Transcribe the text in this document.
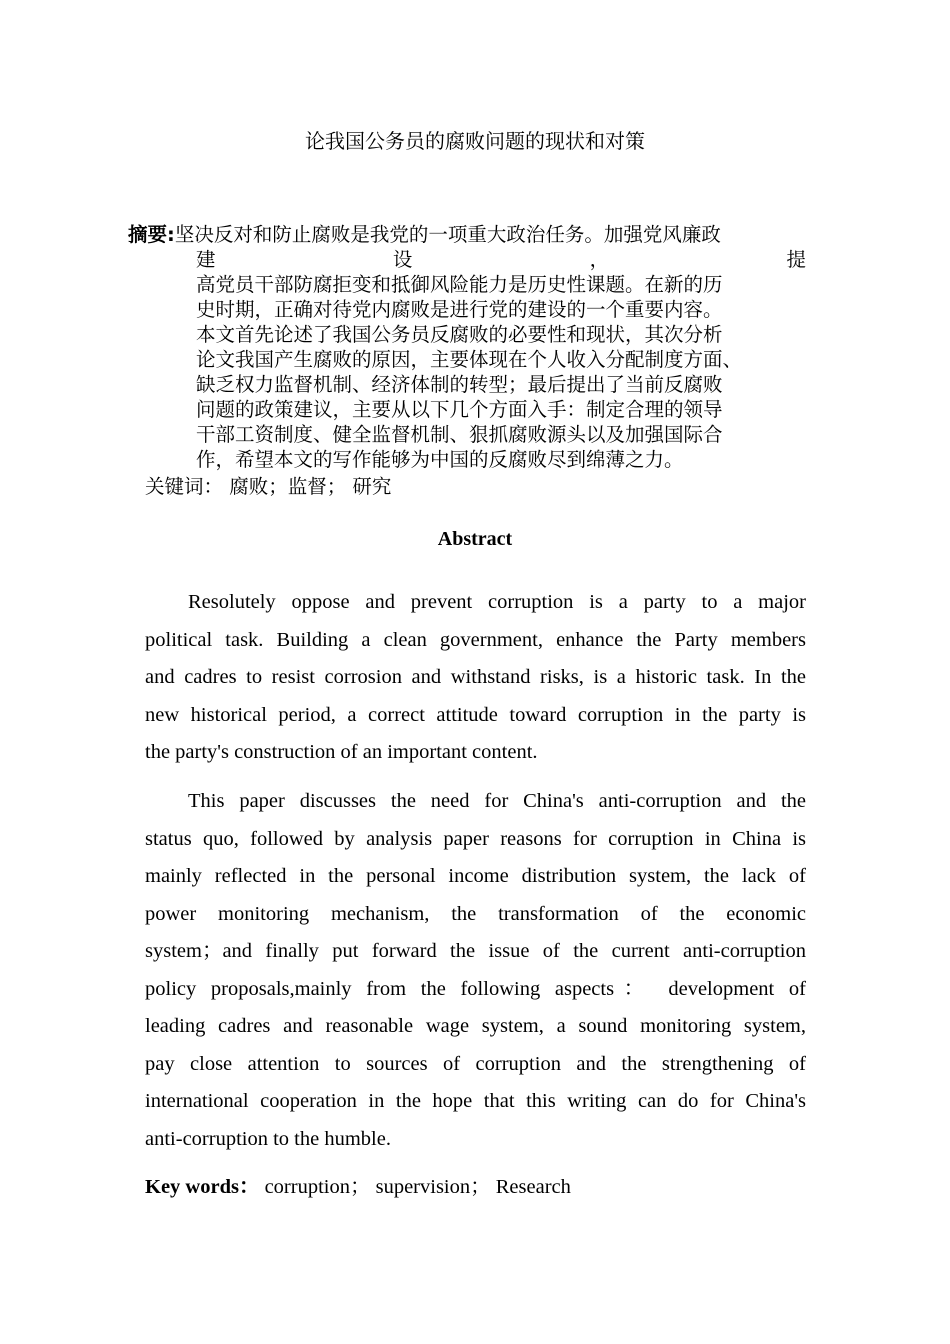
论我国公务员的腐败问题的现状和对策
摘要:坚决反对和防止腐败是我党的一项重大政治任务。加强党风廉政
建	设	，	提
高党员干部防腐拒变和抵御风险能力是历史性课题。在新的历
史时期，正确对待党内腐败是进行党的建设的一个重要内容。
本文首先论述了我国公务员反腐败的必要性和现状，其次分析
论文我国产生腐败的原因，主要体现在个人收入分配制度方面、
缺乏权力监督机制、经济体制的转型；最后提出了当前反腐败
问题的政策建议，主要从以下几个方面入手：制定合理的领导
干部工资制度、健全监督机制、狠抓腐败源头以及加强国际合
作，希望本文的写作能够为中国的反腐败尽到绵薄之力。
关键词： 腐败；监督； 研究
Abstract
Resolutely oppose and prevent corruption is a party to a major
political task. Building a clean government, enhance the Party members
and cadres to resist corrosion and withstand risks, is a historic task. In the
new historical period, a correct attitude toward corruption in the party is
the party's construction of an important content.
This paper discusses the need for China's anti-corruption and the
status quo, followed by analysis paper reasons for corruption in China is
mainly reflected in the personal income distribution system, the lack of
power monitoring mechanism, the transformation of the economic
system；and finally put forward the issue of the current anti-corruption
policy proposals,mainly from the following aspects： development of
leading cadres and reasonable wage system, a sound monitoring system,
pay close attention to sources of corruption and the strengthening of
international cooperation in the hope that this writing can do for China's
anti-corruption to the humble.
Key words： corruption； supervision； Research
